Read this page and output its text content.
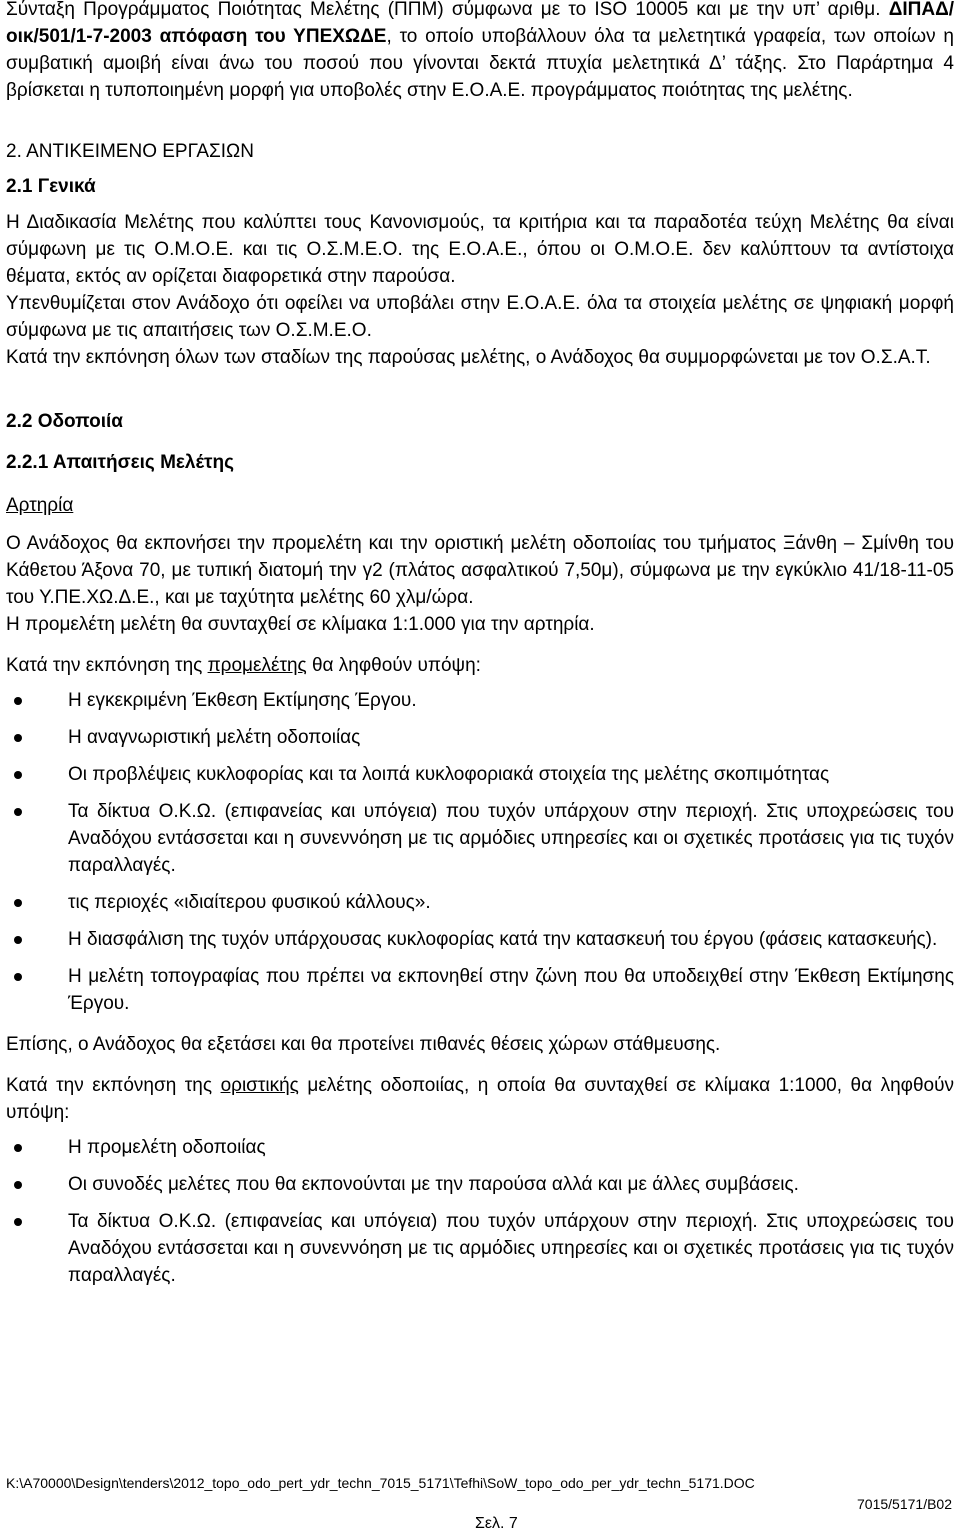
Σύνταξη Προγράμματος Ποιότητας Μελέτης (ΠΠΜ) σύμφωνα με το ISO 10005 και με την υπ’ αριθμ. ΔΙΠΑΔ/οικ/501/1-7-2003 απόφαση του ΥΠΕΧΩΔΕ, το οποίο υποβάλλουν όλα τα μελετητικά γραφεία, των οποίων η συμβατική αμοιβή είναι άνω του ποσού που γίνονται δεκτά πτυχία μελετητικά Δ’ τάξης. Στο Παράρτημα 4 βρίσκεται η τυποποιημένη μορφή για υποβολές στην Ε.Ο.Α.Ε. προγράμματος ποιότητας της μελέτης.

2. ΑΝΤΙΚΕΙΜΕΝΟ ΕΡΓΑΣΙΩΝ

2.1 Γενικά

Η Διαδικασία Μελέτης που καλύπτει τους Κανονισμούς, τα κριτήρια και τα παραδοτέα τεύχη Μελέτης θα είναι σύμφωνη με τις Ο.Μ.Ο.Ε. και τις Ο.Σ.Μ.Ε.Ο. της Ε.Ο.Α.Ε., όπου οι Ο.Μ.Ο.Ε. δεν καλύπτουν τα αντίστοιχα θέματα, εκτός αν ορίζεται διαφορετικά στην παρούσα.

Υπενθυμίζεται στον Ανάδοχο ότι οφείλει να υποβάλει στην Ε.Ο.Α.Ε. όλα τα στοιχεία μελέτης σε ψηφιακή μορφή σύμφωνα με τις απαιτήσεις των Ο.Σ.Μ.Ε.Ο.

Κατά την εκπόνηση όλων των σταδίων της παρούσας μελέτης, ο Ανάδοχος θα συμμορφώνεται με τον Ο.Σ.Α.Τ.

2.2 Οδοποιία

2.2.1 Απαιτήσεις Μελέτης

Αρτηρία

Ο Ανάδοχος θα εκπονήσει την προμελέτη και την οριστική μελέτη οδοποιίας του τμήματος Ξάνθη – Σμίνθη του Κάθετου Άξονα 70, με τυπική διατομή την γ2 (πλάτος ασφαλτικού 7,50μ), σύμφωνα με την εγκύκλιο 41/18-11-05 του Υ.ΠΕ.ΧΩ.Δ.Ε., και με ταχύτητα μελέτης 60 χλμ/ώρα.

Η προμελέτη μελέτη θα συνταχθεί σε κλίμακα 1:1.000 για την αρτηρία.

Κατά την εκπόνηση της προμελέτης θα ληφθούν υπόψη:

Η εγκεκριμένη Έκθεση Εκτίμησης Έργου.
Η αναγνωριστική μελέτη οδοποιίας
Οι προβλέψεις κυκλοφορίας και τα λοιπά κυκλοφοριακά στοιχεία της μελέτης σκοπιμότητας
Τα δίκτυα Ο.Κ.Ω. (επιφανείας και υπόγεια) που τυχόν υπάρχουν στην περιοχή. Στις υποχρεώσεις του Αναδόχου εντάσσεται και η συνεννόηση με τις αρμόδιες υπηρεσίες και οι σχετικές προτάσεις για τις τυχόν παραλλαγές.
τις περιοχές «ιδιαίτερου φυσικού κάλλους».
Η διασφάλιση της τυχόν υπάρχουσας κυκλοφορίας κατά την κατασκευή του έργου (φάσεις κατασκευής).
Η μελέτη τοπογραφίας που πρέπει να εκπονηθεί στην ζώνη που θα υποδειχθεί στην Έκθεση Εκτίμησης Έργου.

Επίσης, ο Ανάδοχος θα εξετάσει και θα προτείνει πιθανές θέσεις χώρων στάθμευσης.

Κατά την εκπόνηση της οριστικής μελέτης οδοποιίας, η οποία θα συνταχθεί σε κλίμακα 1:1000, θα ληφθούν υπόψη:

Η προμελέτη οδοποιίας
Οι συνοδές μελέτες που θα εκπονούνται με την παρούσα αλλά και με άλλες συμβάσεις.
Τα δίκτυα Ο.Κ.Ω. (επιφανείας και υπόγεια) που τυχόν υπάρχουν στην περιοχή. Στις υποχρεώσεις του Αναδόχου εντάσσεται και η συνεννόηση με τις αρμόδιες υπηρεσίες και οι σχετικές προτάσεις για τις τυχόν παραλλαγές.
K:\A70000\Design\tenders\2012_topo_odo_pert_ydr_techn_7015_5171\Tefhi\SoW_topo_odo_per_ydr_techn_5171.DOC
7015/5171/B02
Σελ. 7
